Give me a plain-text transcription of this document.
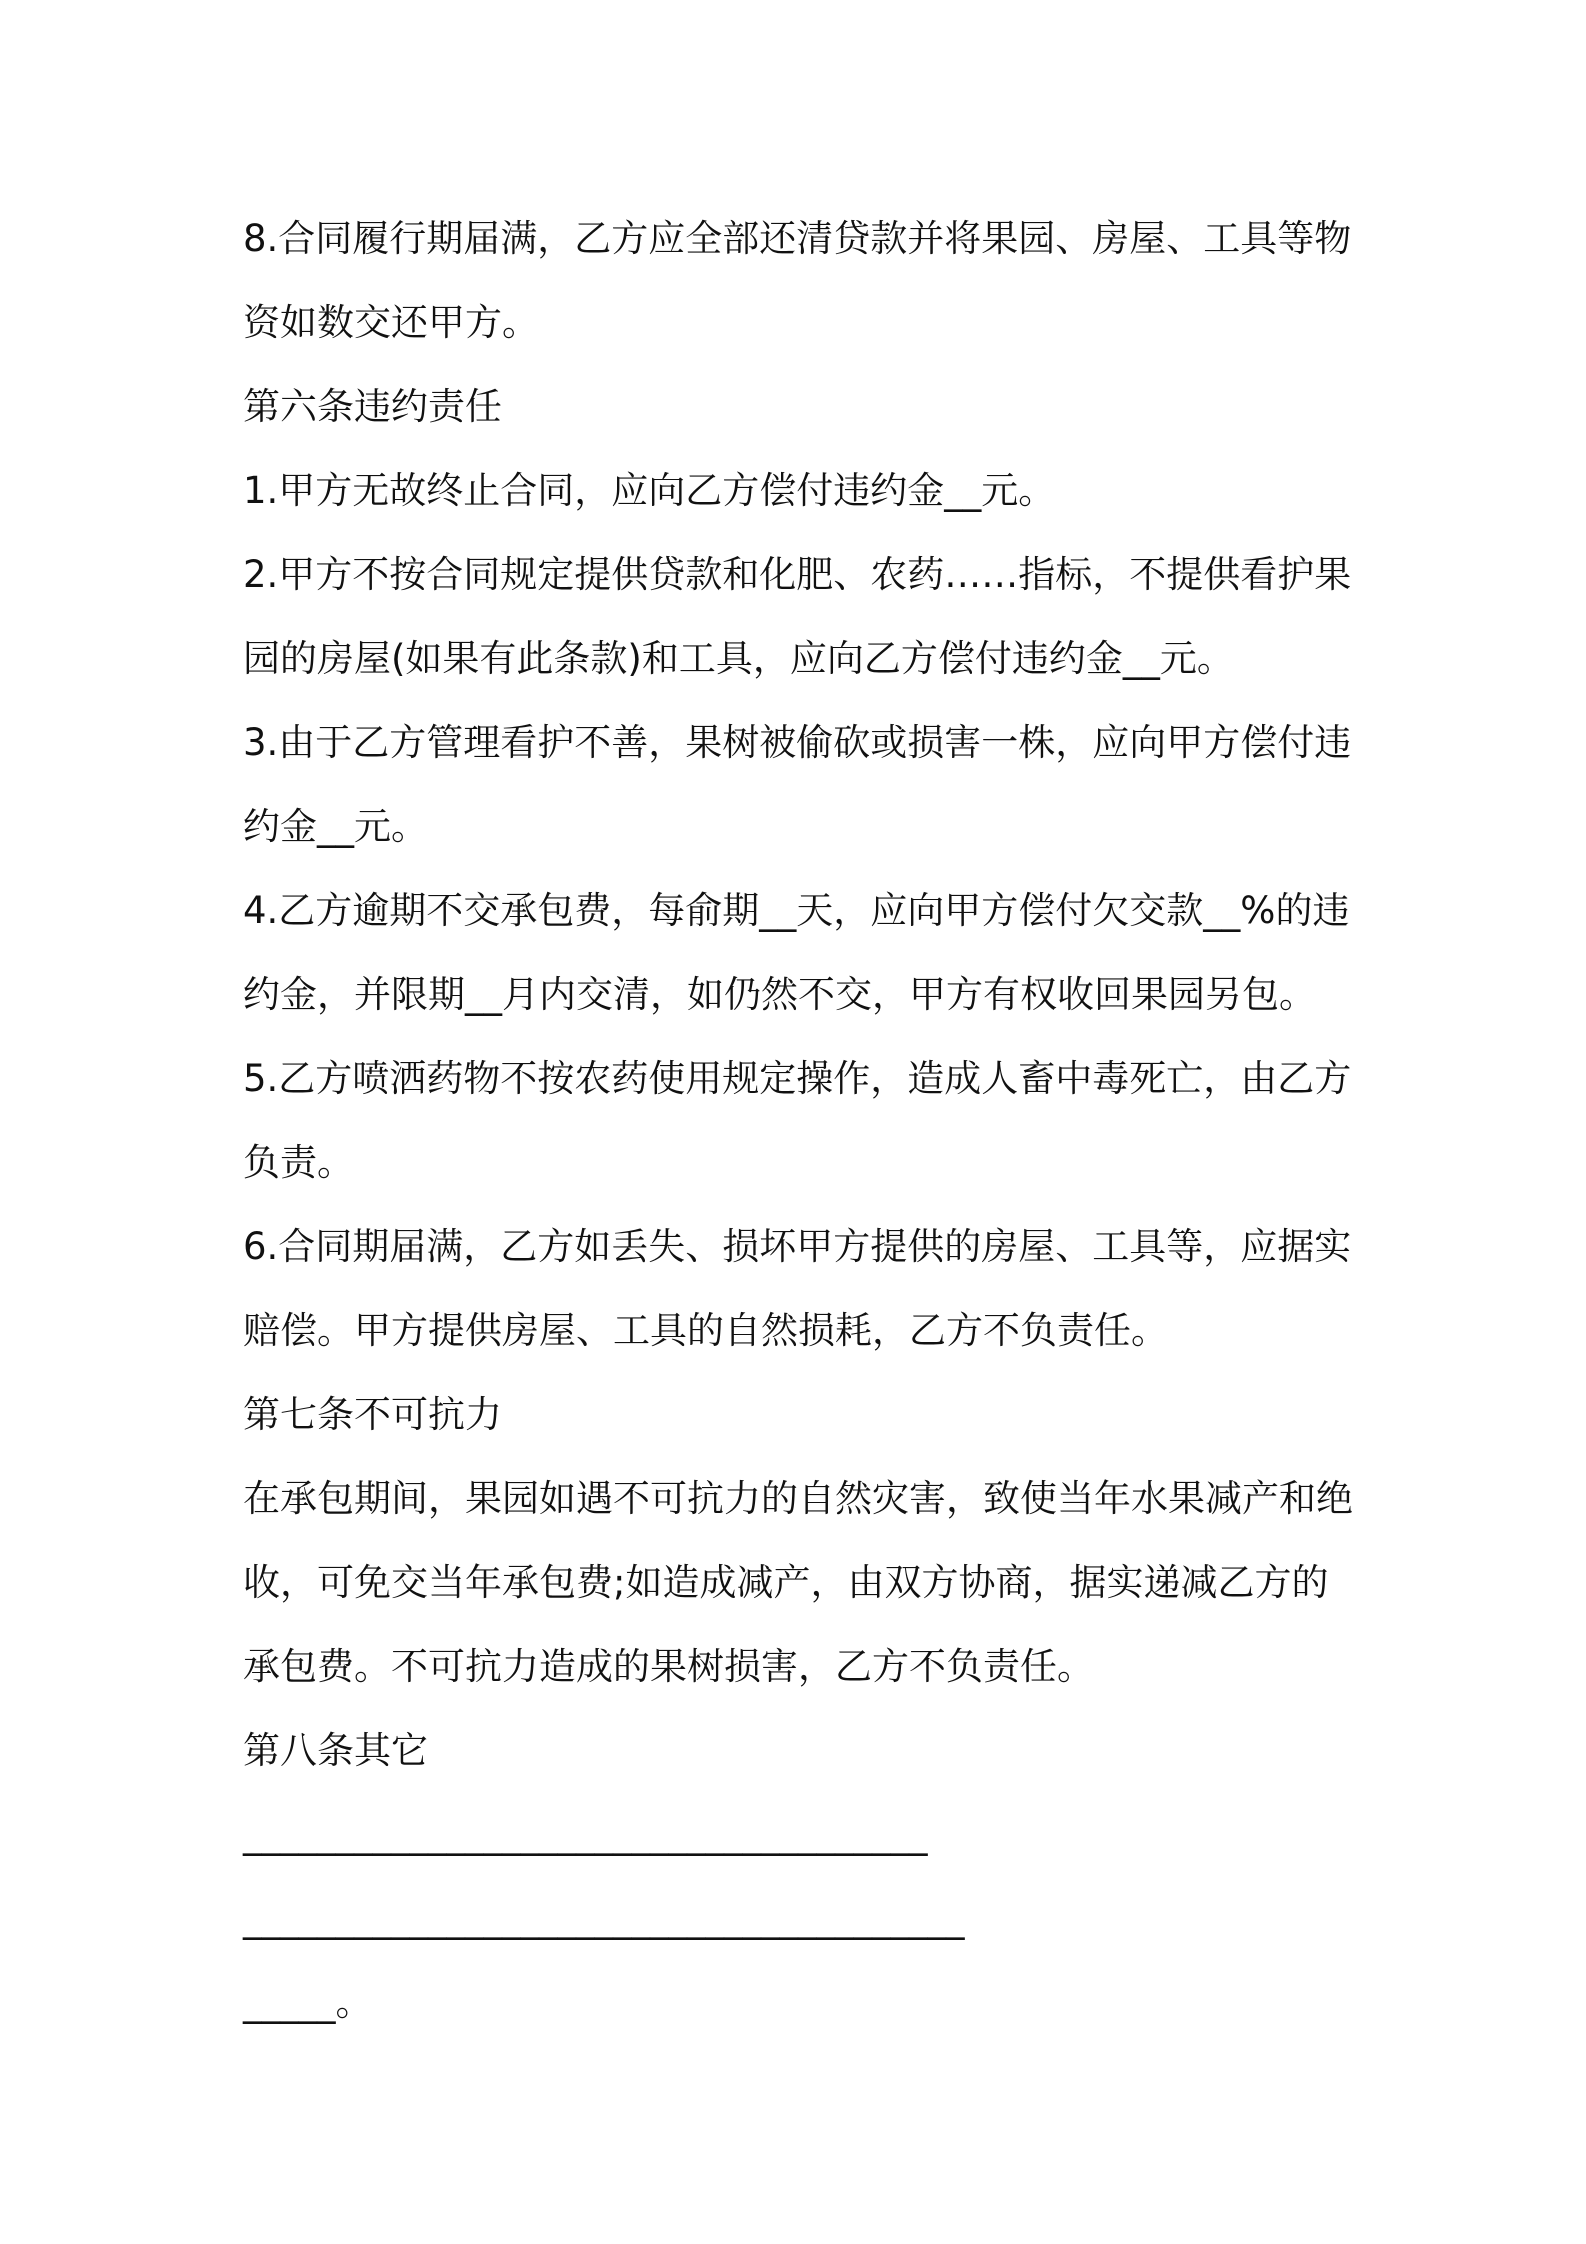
8.合同履行期届满，乙方应全部还清贷款并将果园、房屋、工具等物
资如数交还甲方。
第六条违约责任
1.甲方无故终止合同，应向乙方偿付违约金__元。
2.甲方不按合同规定提供贷款和化肥、农药……指标，不提供看护果
园的房屋(如果有此条款)和工具，应向乙方偿付违约金__元。
3.由于乙方管理看护不善，果树被偷砍或损害一株，应向甲方偿付违
约金__元。
4.乙方逾期不交承包费，每俞期__天，应向甲方偿付欠交款__%的违
约金，并限期__月内交清，如仍然不交，甲方有权收回果园另包。
5.乙方喷洒药物不按农药使用规定操作，造成人畜中毒死亡，由乙方
负责。
6.合同期届满，乙方如丢失、损坏甲方提供的房屋、工具等，应据实
赔偿。甲方提供房屋、工具的自然损耗，乙方不负责任。
第七条不可抗力
在承包期间，果园如遇不可抗力的自然灾害，致使当年水果减产和绝
收，可免交当年承包费;如造成减产，由双方协商，据实递减乙方的
承包费。不可抗力造成的果树损害，乙方不负责任。
第八条其它
_____________________________________
_______________________________________
_____。
